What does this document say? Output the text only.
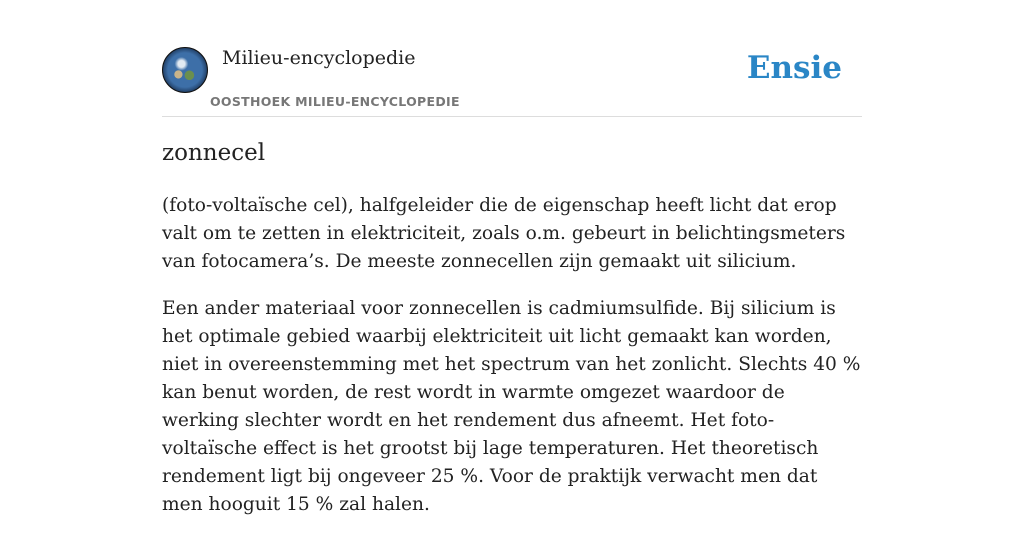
Milieu-encyclopedie
OOSTHOEK MILIEU-ENCYCLOPEDIE
Ensie
zonnecel

(foto-voltaïsche cel), halfgeleider die de eigenschap heeft licht dat erop valt om te zetten in elektriciteit, zoals o.m. gebeurt in belichtingsmeters van fotocamera’s. De meeste zonnecellen zijn gemaakt uit silicium.

Een ander materiaal voor zonnecellen is cadmiumsulfide. Bij silicium is het optimale gebied waarbij elektriciteit uit licht gemaakt kan worden, niet in overeenstemming met het spectrum van het zonlicht. Slechts 40 % kan benut worden, de rest wordt in warmte omgezet waardoor de werking slechter wordt en het rendement dus afneemt. Het foto-voltaïsche effect is het grootst bij lage temperaturen. Het theoretisch rendement ligt bij ongeveer 25 %. Voor de praktijk verwacht men dat men hooguit 15 % zal halen.
